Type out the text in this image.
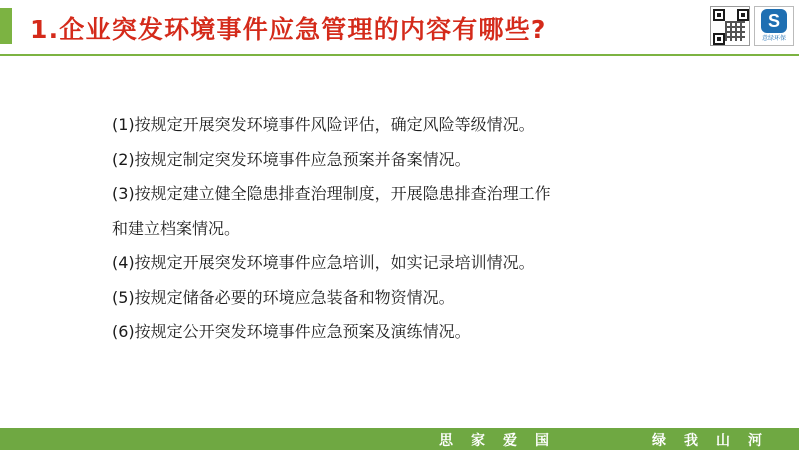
1.企业突发环境事件应急管理的内容有哪些?	S
意绿环保
(1)按规定开展突发环境事件风险评估，确定风险等级情况。
(2)按规定制定突发环境事件应急预案并备案情况。
(3)按规定建立健全隐患排查治理制度，开展隐患排查治理工作
和建立档案情况。
(4)按规定开展突发环境事件应急培训，如实记录培训情况。
(5)按规定储备必要的环境应急装备和物资情况。
(6)按规定公开突发环境事件应急预案及演练情况。
思家爱国	绿我山河
